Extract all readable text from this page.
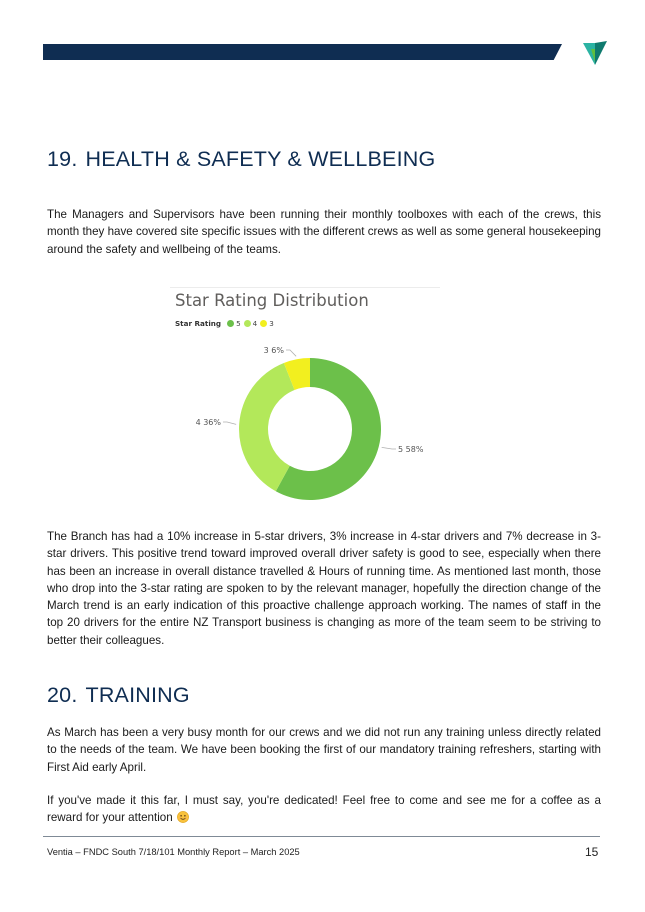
19. HEALTH & SAFETY & WELLBEING

The Managers and Supervisors have been running their monthly toolboxes with each of the crews, this month they have covered site specific issues with the different crews as well as some general housekeeping around the safety and wellbeing of the teams.

Star Rating Distribution
Star Rating 5 4 3
5 58%
4 36%
3 6%

The Branch has had a 10% increase in 5-star drivers, 3% increase in 4-star drivers and 7% decrease in 3-star drivers. This positive trend toward improved overall driver safety is good to see, especially when there has been an increase in overall distance travelled & Hours of running time. As mentioned last month, those who drop into the 3-star rating are spoken to by the relevant manager, hopefully the direction change of the March trend is an early indication of this proactive challenge approach working. The names of staff in the top 20 drivers for the entire NZ Transport business is changing as more of the team seem to be striving to better their colleagues.

20. TRAINING

As March has been a very busy month for our crews and we did not run any training unless directly related to the needs of the team. We have been booking the first of our mandatory training refreshers, starting with First Aid early April.

If you've made it this far, I must say, you're dedicated! Feel free to come and see me for a coffee as a reward for your attention

Ventia – FNDC South 7/18/101 Monthly Report – March 2025	15
